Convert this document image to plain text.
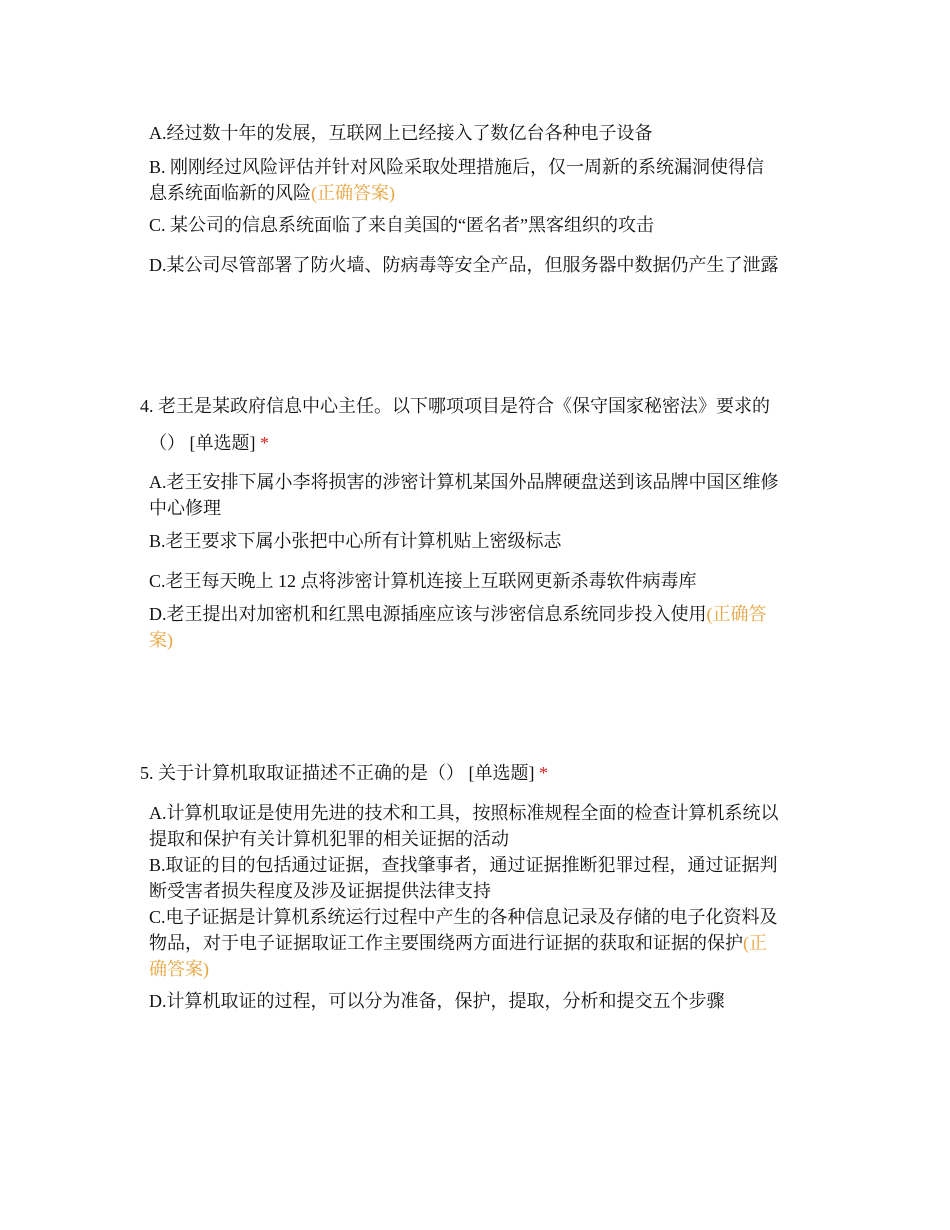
A.经过数十年的发展，互联网上已经接入了数亿台各种电子设备
B. 刚刚经过风险评估并针对风险采取处理措施后，仅一周新的系统漏洞使得信
息系统面临新的风险(正确答案)
C. 某公司的信息系统面临了来自美国的“匿名者”黑客组织的攻击
D.某公司尽管部署了防火墙、防病毒等安全产品，但服务器中数据仍产生了泄露
4. 老王是某政府信息中心主任。以下哪项项目是符合《保守国家秘密法》要求的
（） [单选题] *
A.老王安排下属小李将损害的涉密计算机某国外品牌硬盘送到该品牌中国区维修
中心修理
B.老王要求下属小张把中心所有计算机贴上密级标志
C.老王每天晚上 12 点将涉密计算机连接上互联网更新杀毒软件病毒库
D.老王提出对加密机和红黑电源插座应该与涉密信息系统同步投入使用(正确答
案)
5. 关于计算机取取证描述不正确的是（） [单选题] *
A.计算机取证是使用先进的技术和工具，按照标准规程全面的检查计算机系统以
提取和保护有关计算机犯罪的相关证据的活动
B.取证的目的包括通过证据，查找肇事者，通过证据推断犯罪过程，通过证据判
断受害者损失程度及涉及证据提供法律支持
C.电子证据是计算机系统运行过程中产生的各种信息记录及存储的电子化资料及
物品，对于电子证据取证工作主要围绕两方面进行证据的获取和证据的保护(正
确答案)
D.计算机取证的过程，可以分为准备，保护，提取，分析和提交五个步骤
